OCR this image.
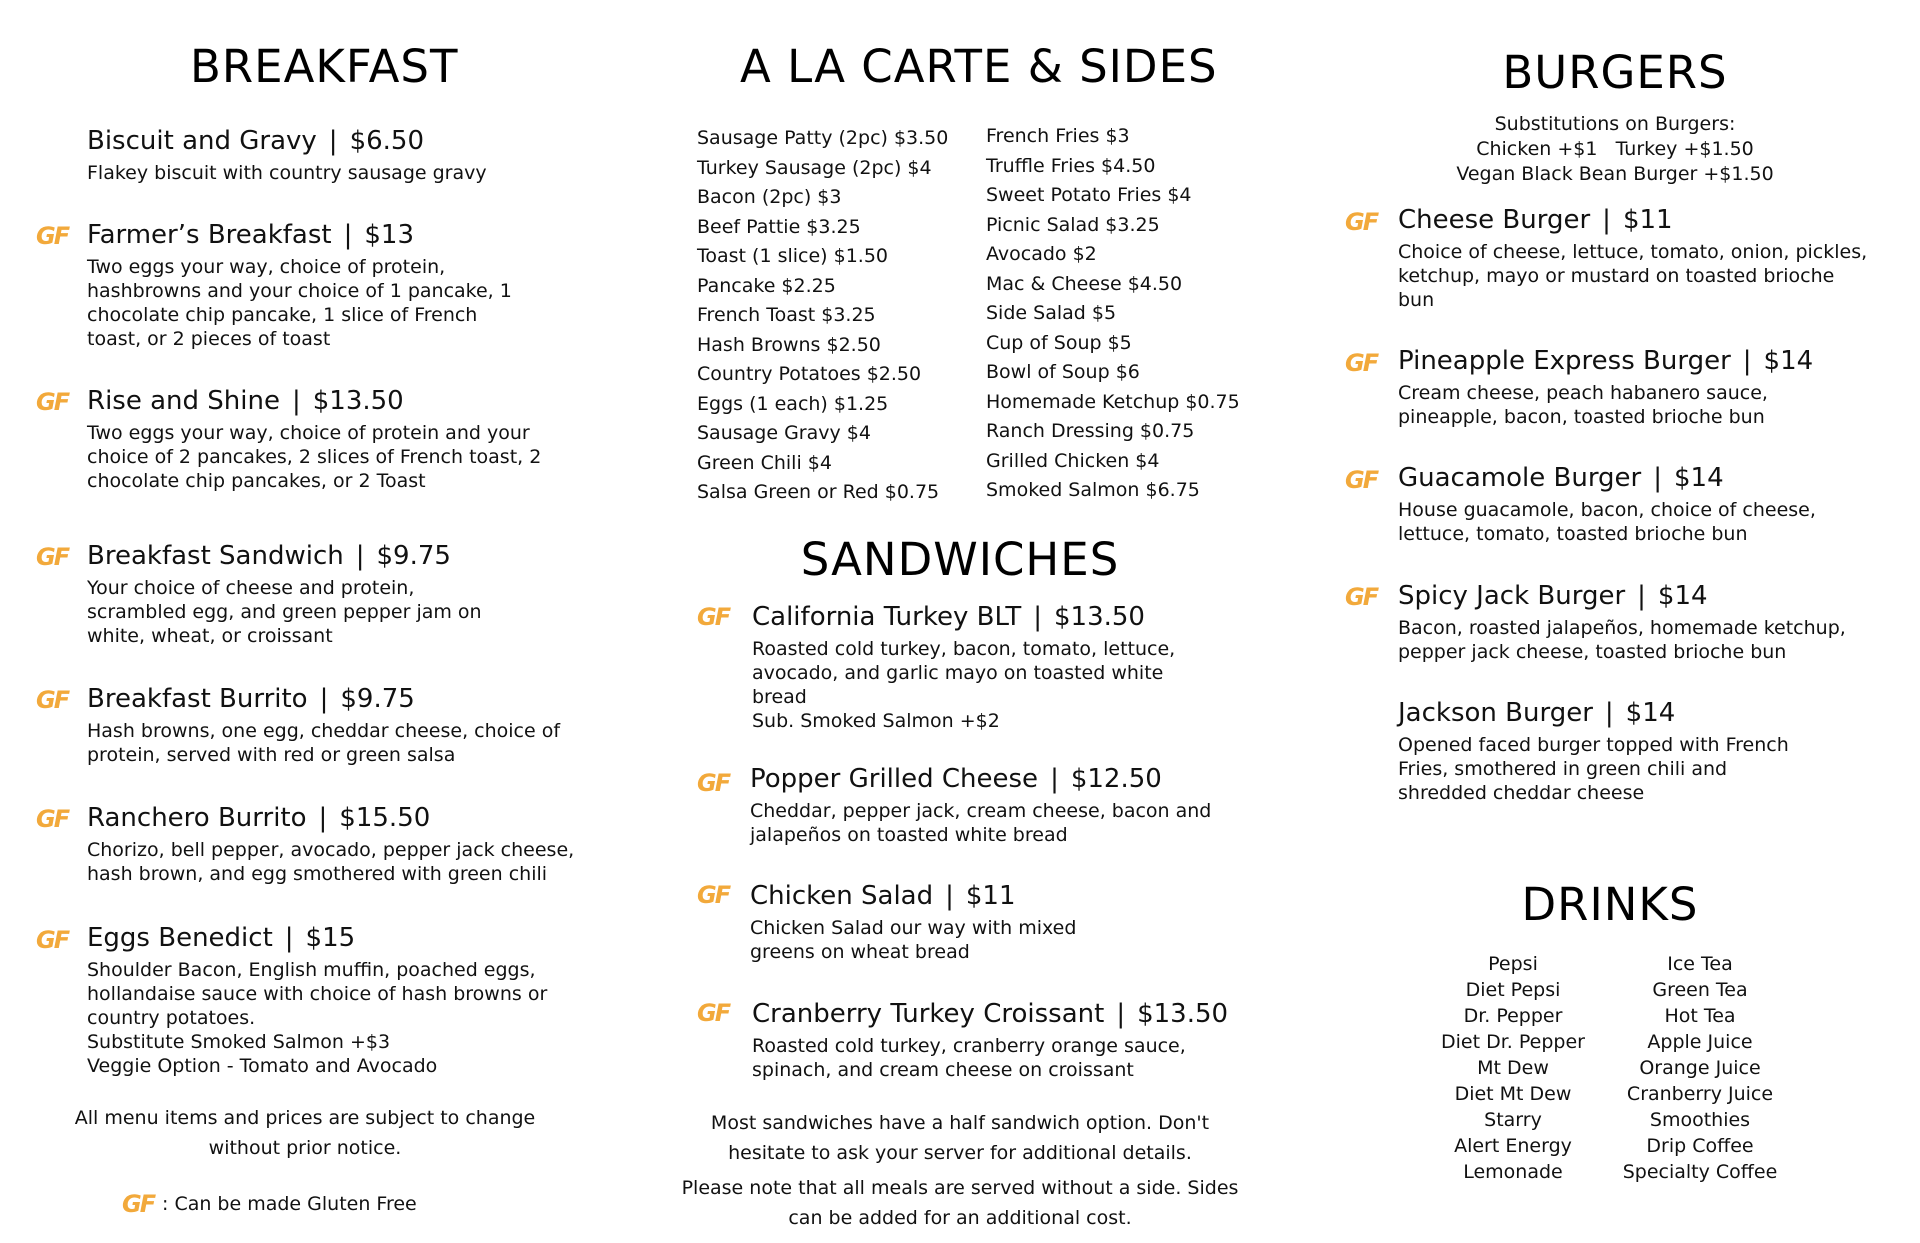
BREAKFAST
Biscuit and Gravy | $6.50
Flakey biscuit with country sausage gravy
GF Farmer’s Breakfast | $13
Two eggs your way, choice of protein, hashbrowns and your choice of 1 pancake, 1 chocolate chip pancake, 1 slice of French toast, or 2 pieces of toast
GF Rise and Shine | $13.50
Two eggs your way, choice of protein and your choice of 2 pancakes, 2 slices of French toast, 2 chocolate chip pancakes, or 2 Toast
GF Breakfast Sandwich | $9.75
Your choice of cheese and protein, scrambled egg, and green pepper jam on white, wheat, or croissant
GF Breakfast Burrito | $9.75
Hash browns, one egg, cheddar cheese, choice of protein, served with red or green salsa
GF Ranchero Burrito | $15.50
Chorizo, bell pepper, avocado, pepper jack cheese, hash brown, and egg smothered with green chili
GF Eggs Benedict | $15
Shoulder Bacon, English muffin, poached eggs, hollandaise sauce with choice of hash browns or country potatoes.
Substitute Smoked Salmon +$3
Veggie Option - Tomato and Avocado
All menu items and prices are subject to change without prior notice.
GF : Can be made Gluten Free
A LA CARTE & SIDES
Sausage Patty (2pc) $3.50
Turkey Sausage (2pc) $4
Bacon (2pc) $3
Beef Pattie $3.25
Toast (1 slice) $1.50
Pancake $2.25
French Toast $3.25
Hash Browns $2.50
Country Potatoes $2.50
Eggs (1 each) $1.25
Sausage Gravy $4
Green Chili $4
Salsa Green or Red $0.75
French Fries $3
Truffle Fries $4.50
Sweet Potato Fries $4
Picnic Salad $3.25
Avocado $2
Mac & Cheese $4.50
Side Salad $5
Cup of Soup $5
Bowl of Soup $6
Homemade Ketchup $0.75
Ranch Dressing $0.75
Grilled Chicken $4
Smoked Salmon $6.75
SANDWICHES
GF California Turkey BLT | $13.50
Roasted cold turkey, bacon, tomato, lettuce, avocado, and garlic mayo on toasted white bread
Sub. Smoked Salmon +$2
GF Popper Grilled Cheese | $12.50
Cheddar, pepper jack, cream cheese, bacon and jalapeños on toasted white bread
GF Chicken Salad | $11
Chicken Salad our way with mixed greens on wheat bread
GF Cranberry Turkey Croissant | $13.50
Roasted cold turkey, cranberry orange sauce, spinach, and cream cheese on croissant
Most sandwiches have a half sandwich option. Don't hesitate to ask your server for additional details.
Please note that all meals are served without a side. Sides can be added for an additional cost.
BURGERS
Substitutions on Burgers:
Chicken +$1   Turkey +$1.50
Vegan Black Bean Burger +$1.50
GF Cheese Burger | $11
Choice of cheese, lettuce, tomato, onion, pickles, ketchup, mayo or mustard on toasted brioche bun
GF Pineapple Express Burger | $14
Cream cheese, peach habanero sauce, pineapple, bacon, toasted brioche bun
GF Guacamole Burger | $14
House guacamole, bacon, choice of cheese, lettuce, tomato, toasted brioche bun
GF Spicy Jack Burger | $14
Bacon, roasted jalapeños, homemade ketchup, pepper jack cheese, toasted brioche bun
Jackson Burger | $14
Opened faced burger topped with French Fries, smothered in green chili and shredded cheddar cheese
DRINKS
Pepsi
Diet Pepsi
Dr. Pepper
Diet Dr. Pepper
Mt Dew
Diet Mt Dew
Starry
Alert Energy
Lemonade
Ice Tea
Green Tea
Hot Tea
Apple Juice
Orange Juice
Cranberry Juice
Smoothies
Drip Coffee
Specialty Coffee
